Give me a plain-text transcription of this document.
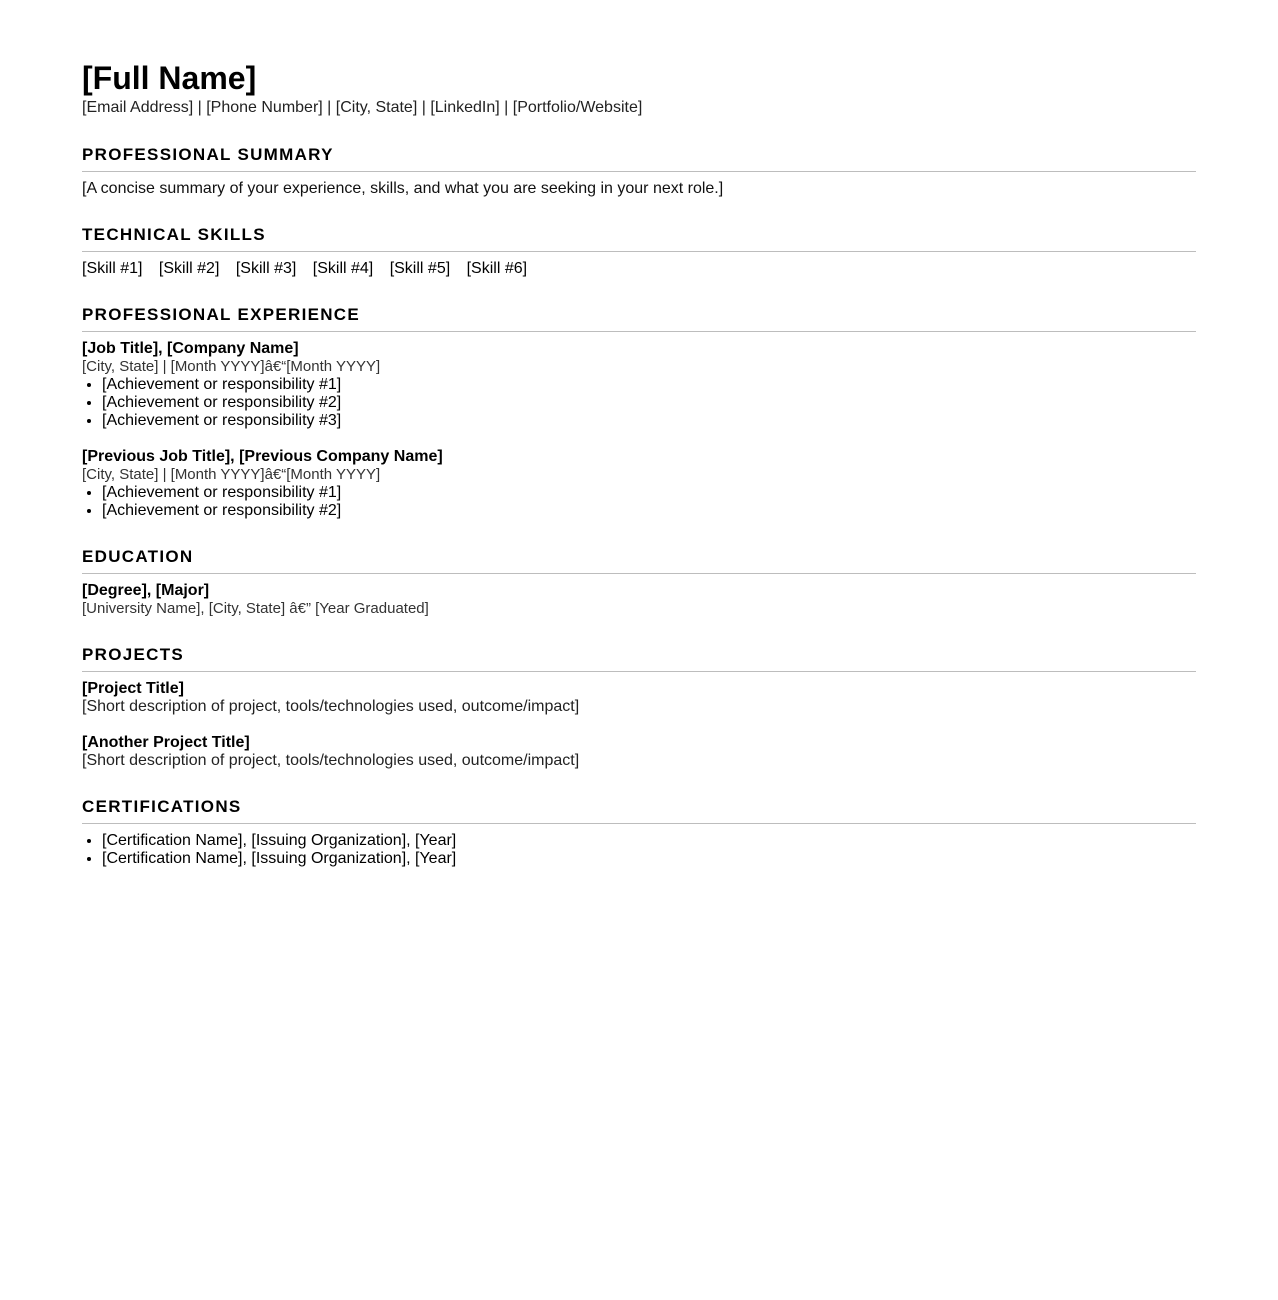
[Full Name]
[Email Address] | [Phone Number] | [City, State] | [LinkedIn] | [Portfolio/Website]
PROFESSIONAL SUMMARY
[A concise summary of your experience, skills, and what you are seeking in your next role.]
TECHNICAL SKILLS
[Skill #1] [Skill #2] [Skill #3] [Skill #4] [Skill #5] [Skill #6]
PROFESSIONAL EXPERIENCE
[Job Title], [Company Name]
[City, State] | [Month YYYY]â€“[Month YYYY]
• [Achievement or responsibility #1]
• [Achievement or responsibility #2]
• [Achievement or responsibility #3]
[Previous Job Title], [Previous Company Name]
[City, State] | [Month YYYY]â€“[Month YYYY]
• [Achievement or responsibility #1]
• [Achievement or responsibility #2]
EDUCATION
[Degree], [Major]
[University Name], [City, State] â€” [Year Graduated]
PROJECTS
[Project Title]
[Short description of project, tools/technologies used, outcome/impact]
[Another Project Title]
[Short description of project, tools/technologies used, outcome/impact]
CERTIFICATIONS
• [Certification Name], [Issuing Organization], [Year]
• [Certification Name], [Issuing Organization], [Year]
